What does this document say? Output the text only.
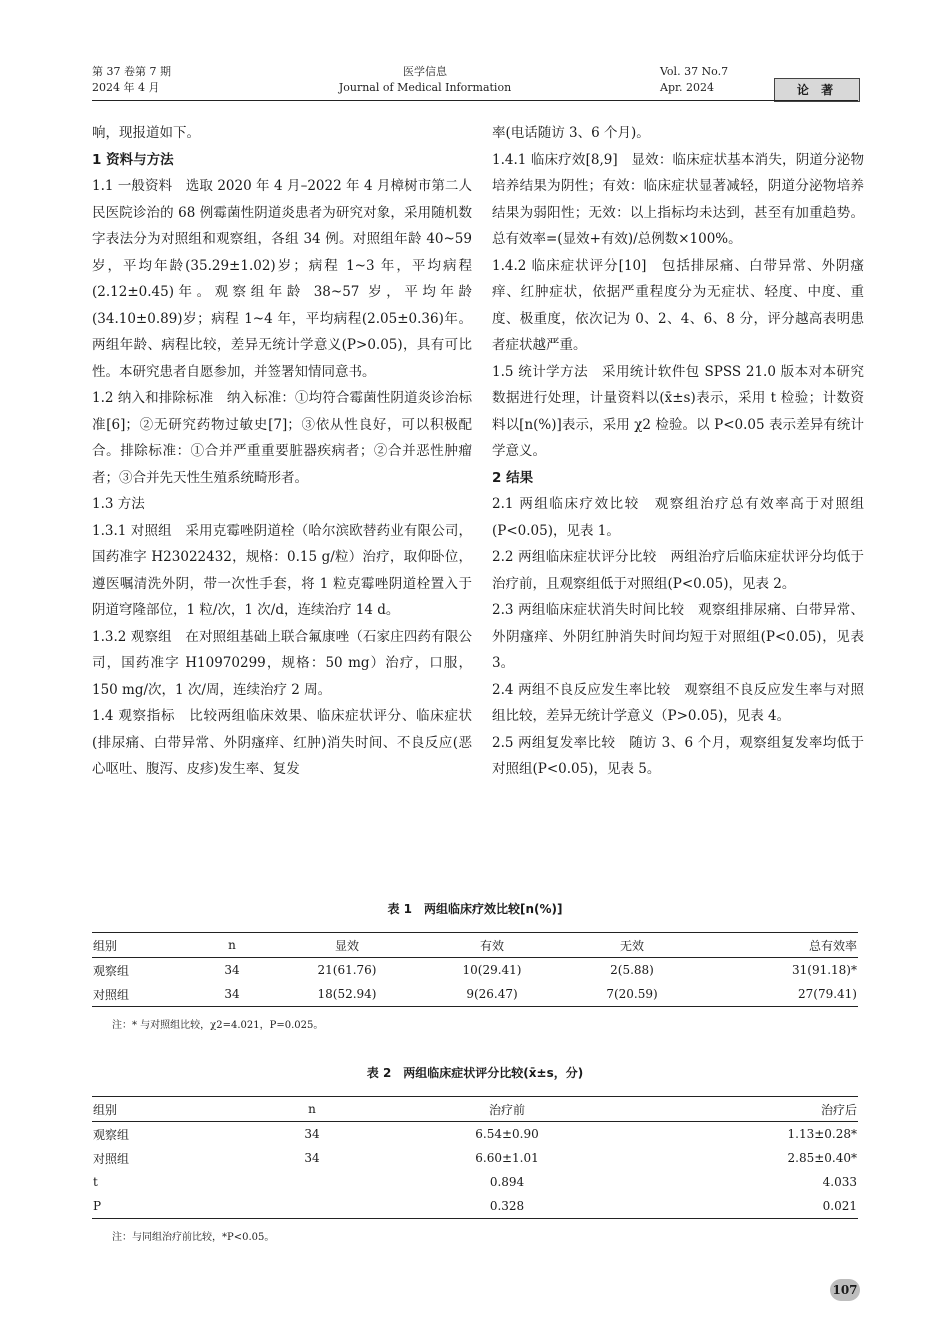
第 37 卷第 7 期
2024 年 4 月
医学信息
Journal of Medical Information
Vol. 37 No.7
Apr. 2024	论 著

响，现报道如下。

1 资料与方法

1.1 一般资料　选取 2020 年 4 月–2022 年 4 月樟树市第二人民医院诊治的 68 例霉菌性阴道炎患者为研究对象，采用随机数字表法分为对照组和观察组，各组 34 例。对照组年龄 40~59 岁，平均年龄(35.29±1.02)岁；病程 1~3 年，平均病程(2.12±0.45)年。观察组年龄 38~57 岁，平均年龄(34.10±0.89)岁；病程 1~4 年，平均病程(2.05±0.36)年。两组年龄、病程比较，差异无统计学意义(P>0.05)，具有可比性。本研究患者自愿参加，并签署知情同意书。

1.2 纳入和排除标准　纳入标准：①均符合霉菌性阴道炎诊治标准[6]；②无研究药物过敏史[7]；③依从性良好，可以积极配合。排除标准：①合并严重重要脏器疾病者；②合并恶性肿瘤者；③合并先天性生殖系统畸形者。

1.3 方法

1.3.1 对照组　采用克霉唑阴道栓（哈尔滨欧替药业有限公司，国药准字 H23022432，规格：0.15 g/粒）治疗，取仰卧位，遵医嘱清洗外阴，带一次性手套，将 1 粒克霉唑阴道栓置入于阴道穹隆部位，1 粒/次，1 次/d，连续治疗 14 d。

1.3.2 观察组　在对照组基础上联合氟康唑（石家庄四药有限公司，国药准字 H10970299，规格：50 mg）治疗，口服，150 mg/次，1 次/周，连续治疗 2 周。

1.4 观察指标　比较两组临床效果、临床症状评分、临床症状(排尿痛、白带异常、外阴瘙痒、红肿)消失时间、不良反应(恶心呕吐、腹泻、皮疹)发生率、复发

率(电话随访 3、6 个月)。

1.4.1 临床疗效[8,9]　显效：临床症状基本消失，阴道分泌物培养结果为阴性；有效：临床症状显著减轻，阴道分泌物培养结果为弱阳性；无效：以上指标均未达到，甚至有加重趋势。总有效率=(显效+有效)/总例数×100%。

1.4.2 临床症状评分[10]　包括排尿痛、白带异常、外阴瘙痒、红肿症状，依据严重程度分为无症状、轻度、中度、重度、极重度，依次记为 0、2、4、6、8 分，评分越高表明患者症状越严重。

1.5 统计学方法　采用统计软件包 SPSS 21.0 版本对本研究数据进行处理，计量资料以(x̄±s)表示，采用 t 检验；计数资料以[n(%)]表示，采用 χ2 检验。以 P<0.05 表示差异有统计学意义。

2 结果

2.1 两组临床疗效比较　观察组治疗总有效率高于对照组(P<0.05)，见表 1。

2.2 两组临床症状评分比较　两组治疗后临床症状评分均低于治疗前，且观察组低于对照组(P<0.05)，见表 2。

2.3 两组临床症状消失时间比较　观察组排尿痛、白带异常、外阴瘙痒、外阴红肿消失时间均短于对照组(P<0.05)，见表 3。

2.4 两组不良反应发生率比较　观察组不良反应发生率与对照组比较，差异无统计学意义（P>0.05)，见表 4。

2.5 两组复发率比较　随访 3、6 个月，观察组复发率均低于对照组(P<0.05)，见表 5。

表 1　两组临床疗效比较[n(%)]
组别	n	显效	有效	无效	总有效率
观察组	34	21(61.76)	10(29.41)	2(5.88)	31(91.18)*
对照组	34	18(52.94)	9(26.47)	7(20.59)	27(79.41)
注：* 与对照组比较，χ2=4.021，P=0.025。
表 2　两组临床症状评分比较(x̄±s，分)
组别	n	治疗前	治疗后
观察组	34	6.54±0.90	1.13±0.28*
对照组	34	6.60±1.01	2.85±0.40*
t		0.894	4.033
P		0.328	0.021
注：与同组治疗前比较，*P<0.05。
107
